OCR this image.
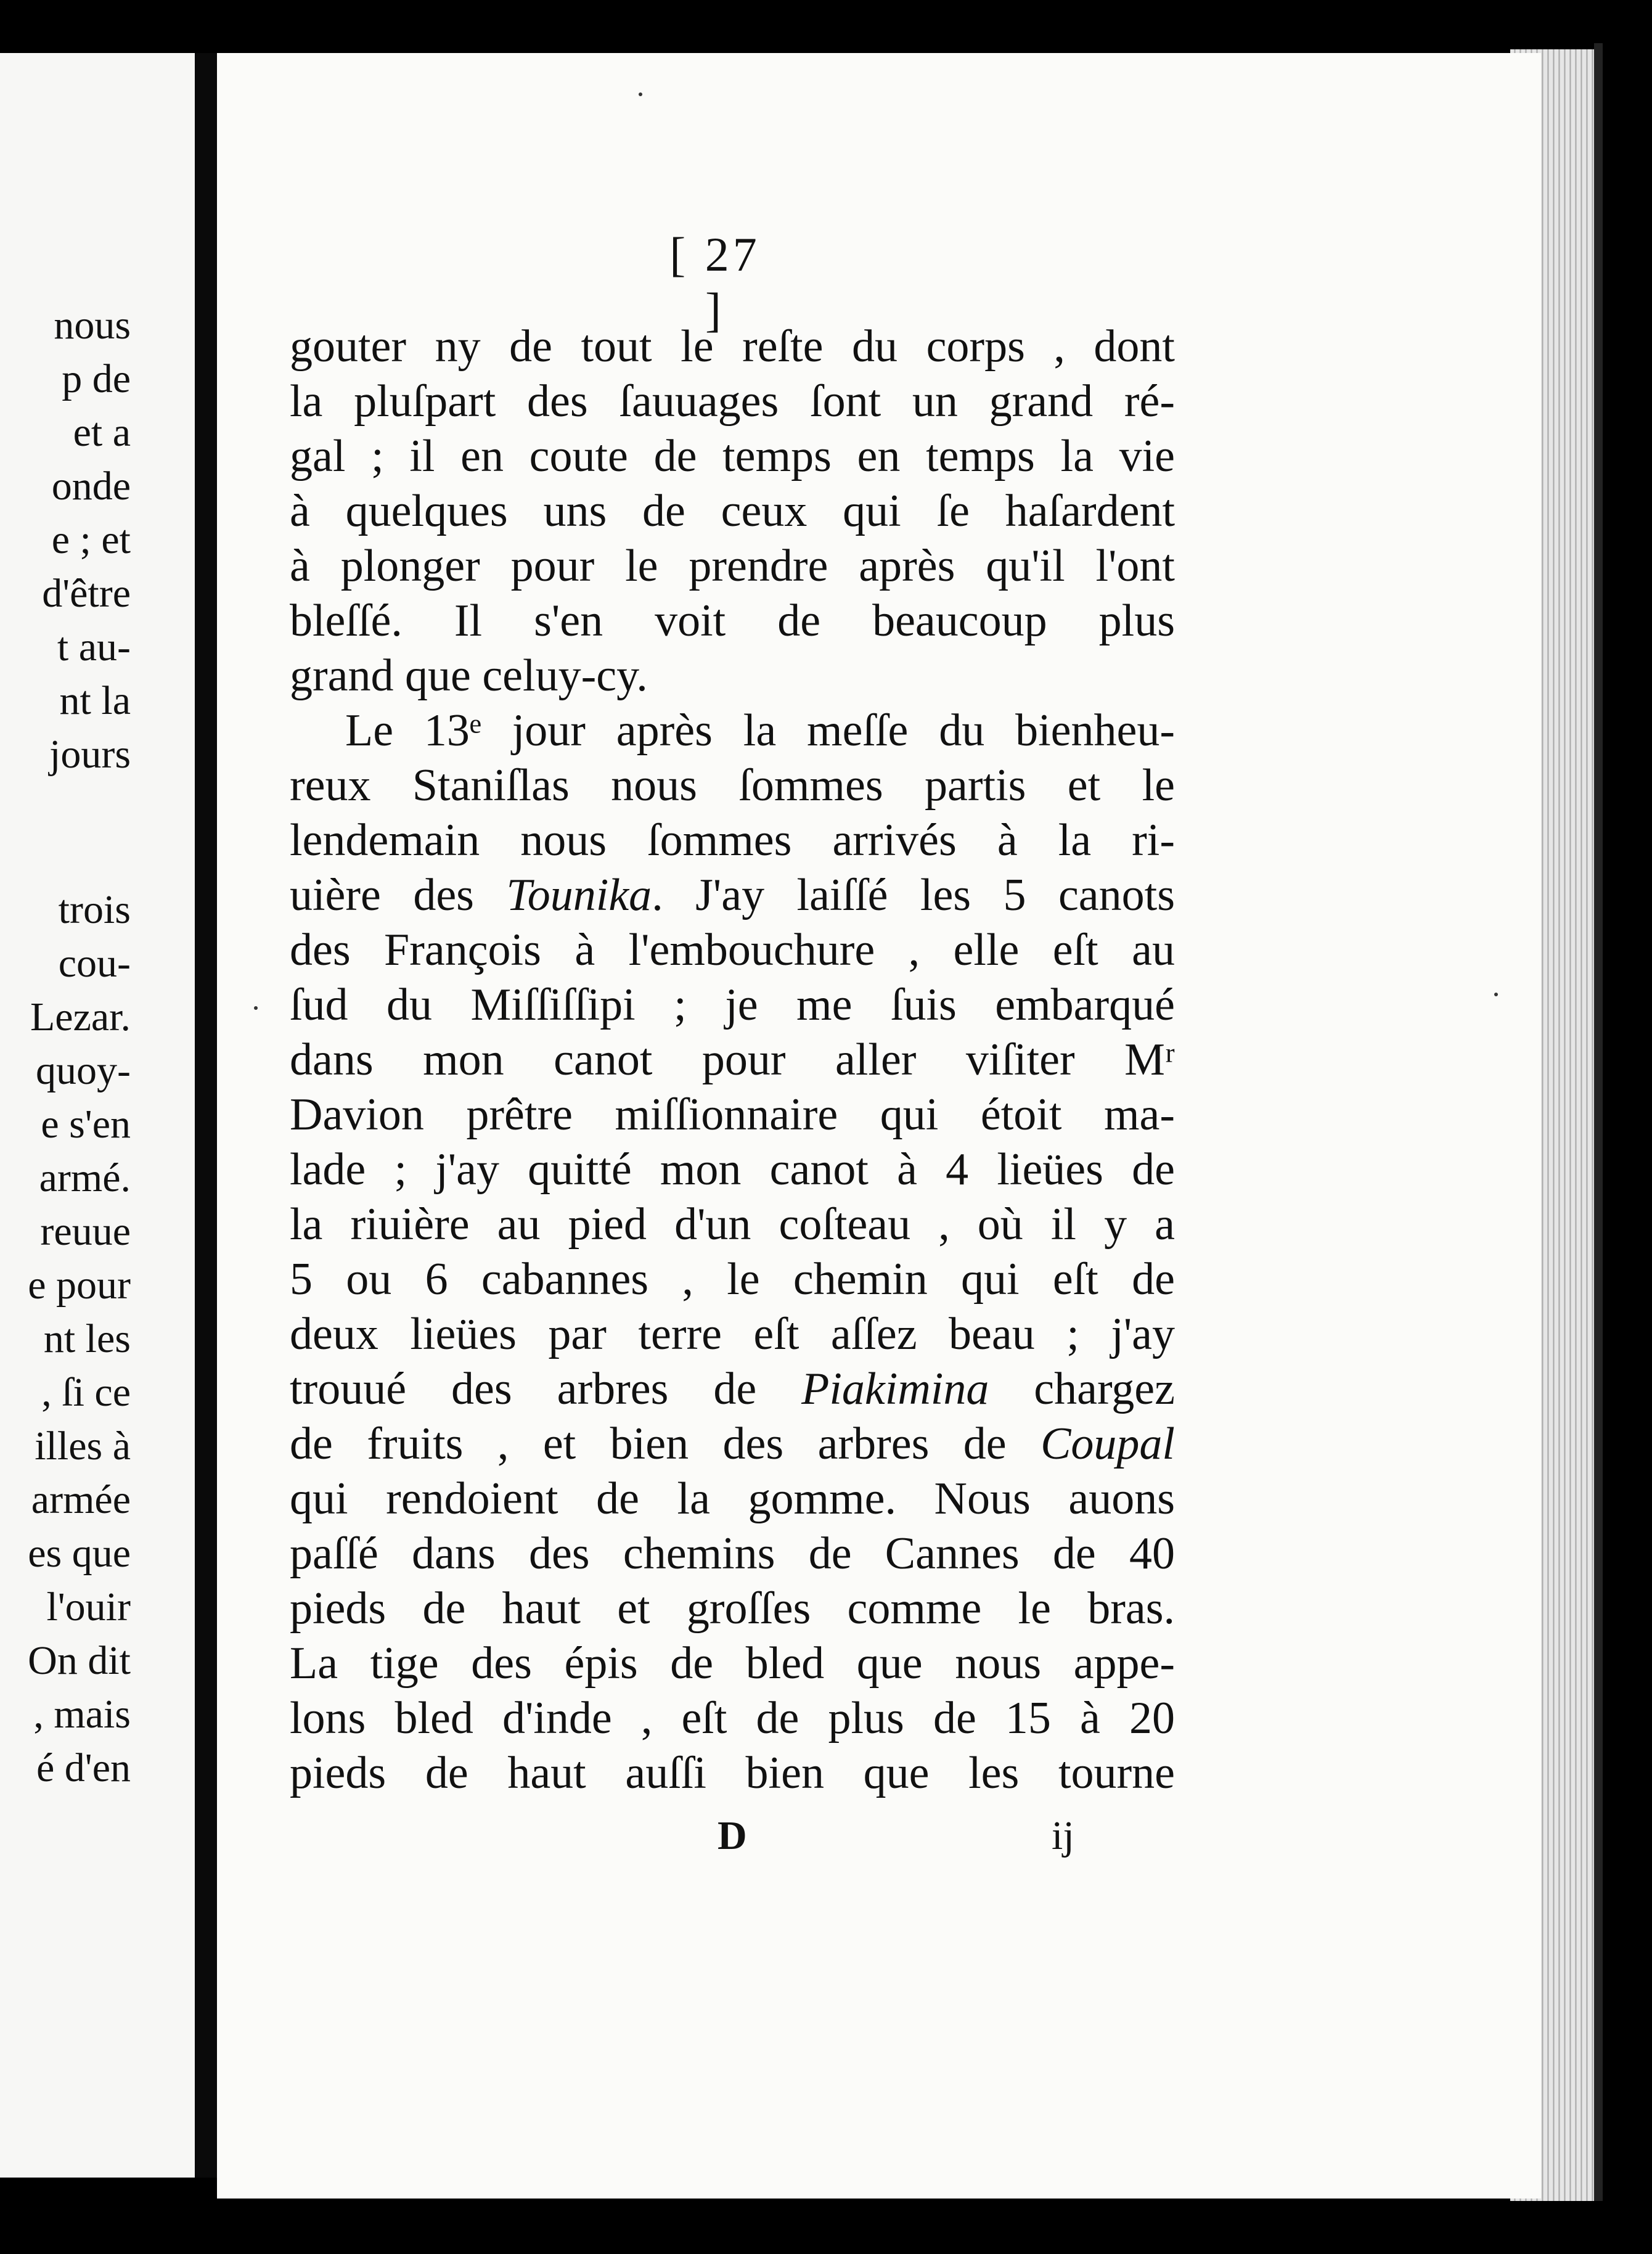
nous
p de
et a
onde
e ; et
d'être
t au-
nt la
jours
trois
cou-
Lezar.
quoy-
e s'en
armé.
reuue
e pour
nt les
, ſi ce
illes à
armée
es que
l'ouir
On dit
, mais
é d'en
[ 27 ]
gouter ny de tout le reſte du corps , dont
la pluſpart des ſauuages ſont un grand ré-
gal ; il en coute de temps en temps la vie
à quelques uns de ceux qui ſe haſardent
à plonger pour le prendre après qu'il l'ont
bleſſé. Il s'en voit de beaucoup plus
grand que celuy-cy.
Le 13ᵉ jour après la meſſe du bienheu-
reux Staniſlas nous ſommes partis et le
lendemain nous ſommes arrivés à la ri-
uière des Tounika. J'ay laiſſé les 5 canots
des François à l'embouchure , elle eſt au
ſud du Miſſiſſipi ; je me ſuis embarqué
dans mon canot pour aller viſiter Mʳ
Davion prêtre miſſionnaire qui étoit ma-
lade ; j'ay quitté mon canot à 4 lieües de
la riuière au pied d'un coſteau , où il y a
5 ou 6 cabannes , le chemin qui eſt de
deux lieües par terre eſt aſſez beau ; j'ay
trouué des arbres de Piakimina chargez
de fruits , et bien des arbres de Coupal
qui rendoient de la gomme. Nous auons
paſſé dans des chemins de Cannes de 40
pieds de haut et groſſes comme le bras.
La tige des épis de bled que nous appe-
lons bled d'inde , eſt de plus de 15 à 20
pieds de haut auſſi bien que les tourne
D	ij
